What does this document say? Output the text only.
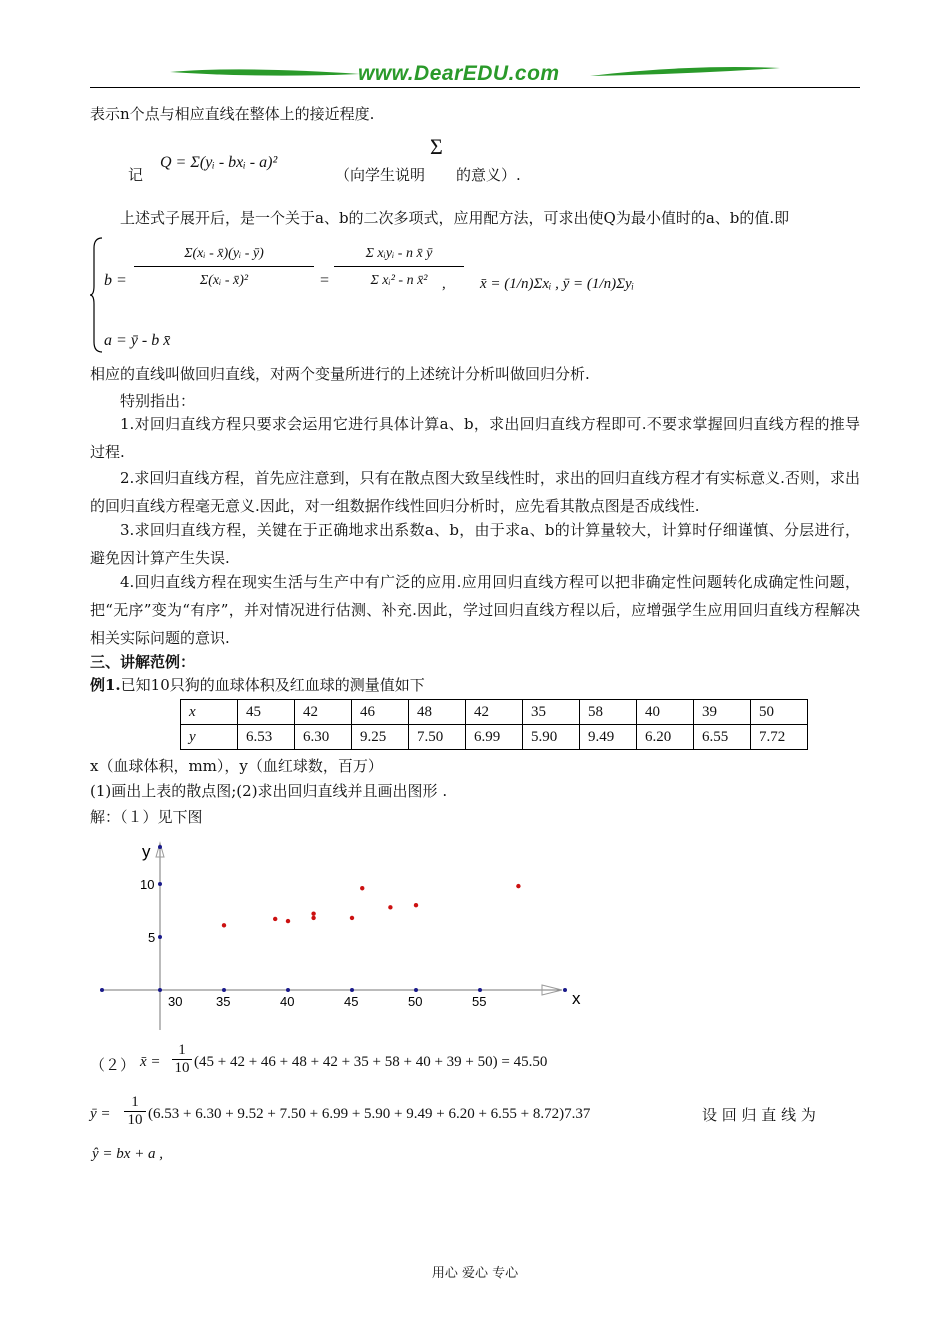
www.DearEDU.com
表示n个点与相应直线在整体上的接近程度.
记
Q = Σ(yᵢ - bxᵢ - a)²
（向学生说明
Σ
的意义）.
上述式子展开后，是一个关于a、b的二次多项式，应用配方法，可求出使Q为最小值时的a、b的值.即
b =
Σ(xᵢ - x̄)(yᵢ - ȳ)
Σ(xᵢ - x̄)²	=
Σ xᵢyᵢ - n x̄ ȳ
Σ xᵢ² - n x̄² , x̄ = (1/n)Σxᵢ , ȳ = (1/n)Σyᵢ
a = ȳ - b x̄
相应的直线叫做回归直线，对两个变量所进行的上述统计分析叫做回归分析.
特别指出：
1.对回归直线方程只要求会运用它进行具体计算a、b，求出回归直线方程即可.不要求掌握回归直线方程的推导过程.
2.求回归直线方程，首先应注意到，只有在散点图大致呈线性时，求出的回归直线方程才有实标意义.否则，求出的回归直线方程毫无意义.因此，对一组数据作线性回归分析时，应先看其散点图是否成线性.
3.求回归直线方程，关键在于正确地求出系数a、b，由于求a、b的计算量较大，计算时仔细谨慎、分层进行，避免因计算产生失误.
4.回归直线方程在现实生活与生产中有广泛的应用.应用回归直线方程可以把非确定性问题转化成确定性问题，把“无序”变为“有序”，并对情况进行估测、补充.因此，学过回归直线方程以后，应增强学生应用回归直线方程解决相关实际问题的意识.
三、讲解范例：
例1.已知10只狗的血球体积及红血球的测量值如下
x	45	42	46	48	42	35	58	40	39	50
y	6.53	6.30	9.25	7.50	6.99	5.90	9.49	6.20	6.55	7.72
x（血球体积，mm），y（血红球数，百万）
(1)画出上表的散点图;(2)求出回归直线并且画出图形 .
解：（１）见下图
30	35	40	45	50	55
5
10
x
y
（２） x̄ = $\frac{1}{10} (45 + 42 + 46 + 48 + 42 + 35 + 58 + 40 + 39 + 50) = 45.50$
ȳ = $\frac{1}{10} (6.53 + 6.30 + 9.52 + 7.50 + 6.99 + 5.90 + 9.49 + 6.20 + 6.55 + 8.72)7.37$	设 回 归 直 线 为
ŷ = bx + a ,
用心 爱心 专心
